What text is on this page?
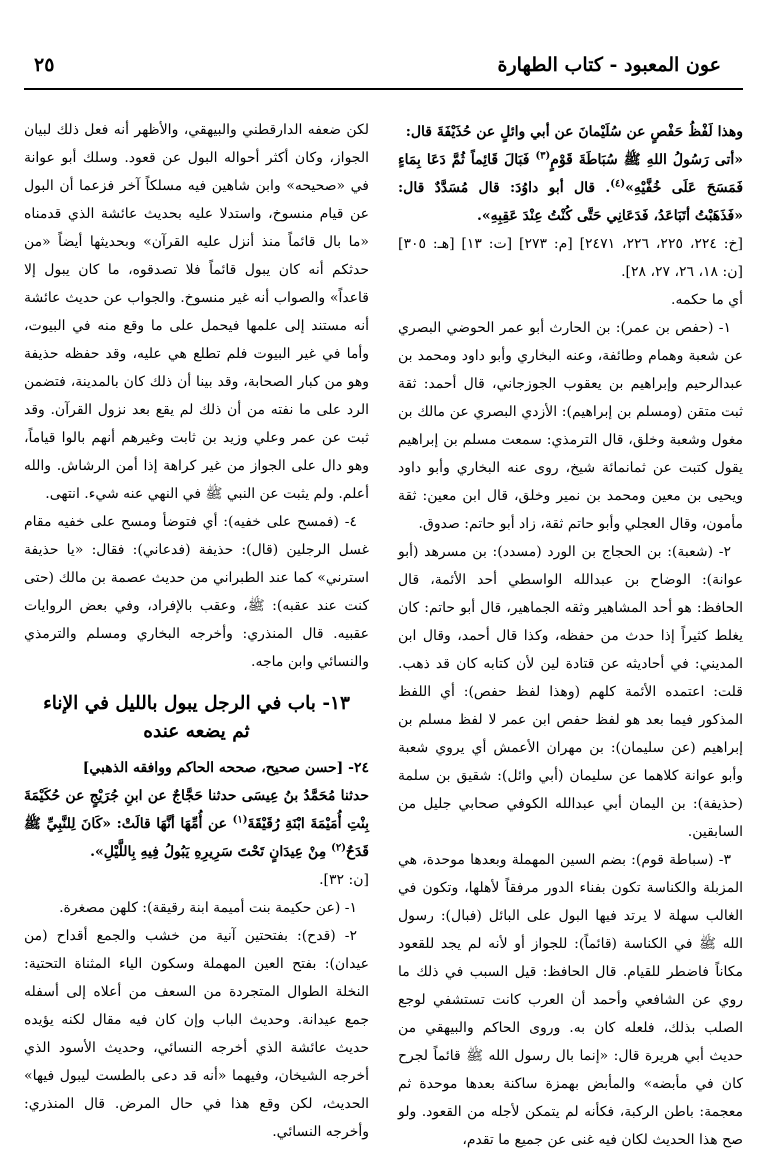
عون المعبود - كتاب الطهارة
٢٥

وهذا لَفْظُ حَفْصٍ عن سُلَيْمانَ عن أبي وائلٍ عن حُذَيْفَةَ قال:

«أتى رَسُولُ اللهِ ﷺ سُبَاطَةَ قَوْمٍ$^{(٣)}$ فَبَالَ قَائِماً ثُمَّ دَعَا بِمَاءٍ فَمَسَحَ عَلَى خُفَّيْهِ»$^{(٤)}$. قال أبو داوُدَ: قال مُسَدَّدٌ قال: «فَذَهَبْتُ أتَبَاعَدُ، فَدَعَانِي حَتَّى كُنْتُ عِنْدَ عَقِبِهِ».

[خ: ٢٢٤، ٢٢٥، ٢٢٦، ٢٤٧١] [م: ٢٧٣] [ت: ١٣] [هـ: ٣٠٥] [ن: ١٨، ٢٦، ٢٧، ٢٨].

أي ما حكمه.

١- (حفص بن عمر): بن الحارث أبو عمر الحوضي البصري عن شعبة وهمام وطائفة، وعنه البخاري وأبو داود ومحمد بن عبدالرحيم وإبراهيم بن يعقوب الجوزجاني، قال أحمد: ثقة ثبت متقن (ومسلم بن إبراهيم): الأزدي البصري عن مالك بن مغول وشعبة وخلق، قال الترمذي: سمعت مسلم بن إبراهيم يقول كتبت عن ثمانمائة شيخ، روى عنه البخاري وأبو داود ويحيى بن معين ومحمد بن نمير وخلق، قال ابن معين: ثقة مأمون، وقال العجلي وأبو حاتم ثقة، زاد أبو حاتم: صدوق.

٢- (شعبة): بن الحجاج بن الورد (مسدد): بن مسرهد (أبو عوانة): الوضاح بن عبدالله الواسطي أحد الأئمة، قال الحافظ: هو أحد المشاهير وثقه الجماهير، قال أبو حاتم: كان يغلط كثيراً إذا حدث من حفظه، وكذا قال أحمد، وقال ابن المديني: في أحاديثه عن قتادة لين لأن كتابه كان قد ذهب. قلت: اعتمده الأئمة كلهم (وهذا لفظ حفص): أي اللفظ المذكور فيما بعد هو لفظ حفص ابن عمر لا لفظ مسلم بن إبراهيم (عن سليمان): بن مهران الأعمش أي يروي شعبة وأبو عوانة كلاهما عن سليمان (أبي وائل): شقيق بن سلمة (حذيفة): بن اليمان أبي عبدالله الكوفي صحابي جليل من السابقين.

٣- (سباطة قوم): بضم السين المهملة وبعدها موحدة، هي المزبلة والكناسة تكون بفناء الدور مرفقاً لأهلها، وتكون في الغالب سهلة لا يرتد فيها البول على البائل (فبال): رسول الله ﷺ في الكناسة (قائماً): للجواز أو لأنه لم يجد للقعود مكاناً فاضطر للقيام. قال الحافظ: قيل السبب في ذلك ما روي عن الشافعي وأحمد أن العرب كانت تستشفي لوجع الصلب بذلك، فلعله كان به. وروى الحاكم والبيهقي من حديث أبي هريرة قال: «إنما بال رسول الله ﷺ قائماً لجرح كان في مأبضه» والمأبض بهمزة ساكنة بعدها موحدة ثم معجمة: باطن الركبة، فكأنه لم يتمكن لأجله من القعود. ولو صح هذا الحديث لكان فيه غنى عن جميع ما تقدم،

لكن ضعفه الدارقطني والبيهقي، والأظهر أنه فعل ذلك لبيان الجواز، وكان أكثر أحواله البول عن قعود. وسلك أبو عوانة في «صحيحه» وابن شاهين فيه مسلكاً آخر فزعما أن البول عن قيام منسوخ، واستدلا عليه بحديث عائشة الذي قدمناه «ما بال قائماً منذ أنزل عليه القرآن» وبحديثها أيضاً «من حدثكم أنه كان يبول قائماً فلا تصدقوه، ما كان يبول إلا قاعداً» والصواب أنه غير منسوخ. والجواب عن حديث عائشة أنه مستند إلى علمها فيحمل على ما وقع منه في البيوت، وأما في غير البيوت فلم تطلع هي عليه، وقد حفظه حذيفة وهو من كبار الصحابة، وقد بينا أن ذلك كان بالمدينة، فتضمن الرد على ما نفته من أن ذلك لم يقع بعد نزول القرآن. وقد ثبت عن عمر وعلي وزيد بن ثابت وغيرهم أنهم بالوا قياماً، وهو دال على الجواز من غير كراهة إذا أمن الرشاش. والله أعلم. ولم يثبت عن النبي ﷺ في النهي عنه شيء. انتهى.

٤- (فمسح على خفيه): أي فتوضأ ومسح على خفيه مقام غسل الرجلين (قال): حذيفة (فدعاني): فقال: «يا حذيفة استرني» كما عند الطبراني من حديث عصمة بن مالك (حتى كنت عند عقبه): ﷺ، وعقب بالإفراد، وفي بعض الروايات عقبيه. قال المنذري: وأخرجه البخاري ومسلم والترمذي والنسائي وابن ماجه.

١٣- باب في الرجل يبول بالليل في الإناء
ثم يضعه عنده

٢٤- [حسن صحيح، صححه الحاكم ووافقه الذهبي]

حدثنا مُحَمَّدُ بنُ عِيسَى حدثنا حَجَّاجٌ عن ابنِ جُرَيْجٍ عن حُكَيْمَةَ بِنْتِ أُمَيْمَةَ ابْنَةِ رُقَيْقَةَ$^{(١)}$ عن أُمِّهَا أنَّهَا قالَتْ: «كَانَ لِلنَّبِيِّ ﷺ قَدَحٌ$^{(٢)}$ مِنْ عِيدَانٍ تَحْتَ سَرِيرِهِ يَبُولُ فِيهِ بِاللَّيْلِ».

[ن: ٣٢].

١- (عن حكيمة بنت أميمة ابنة رقيقة): كلهن مصغرة.

٢- (قدح): بفتحتين آنية من خشب والجمع أقداح (من عيدان): بفتح العين المهملة وسكون الياء المثناة التحتية: النخلة الطوال المتجردة من السعف من أعلاه إلى أسفله جمع عيدانة. وحديث الباب وإن كان فيه مقال لكنه يؤيده حديث عائشة الذي أخرجه النسائي، وحديث الأسود الذي أخرجه الشيخان، وفيهما «أنه قد دعى بالطست ليبول فيها» الحديث، لكن وقع هذا في حال المرض. قال المنذري: وأخرجه النسائي.
